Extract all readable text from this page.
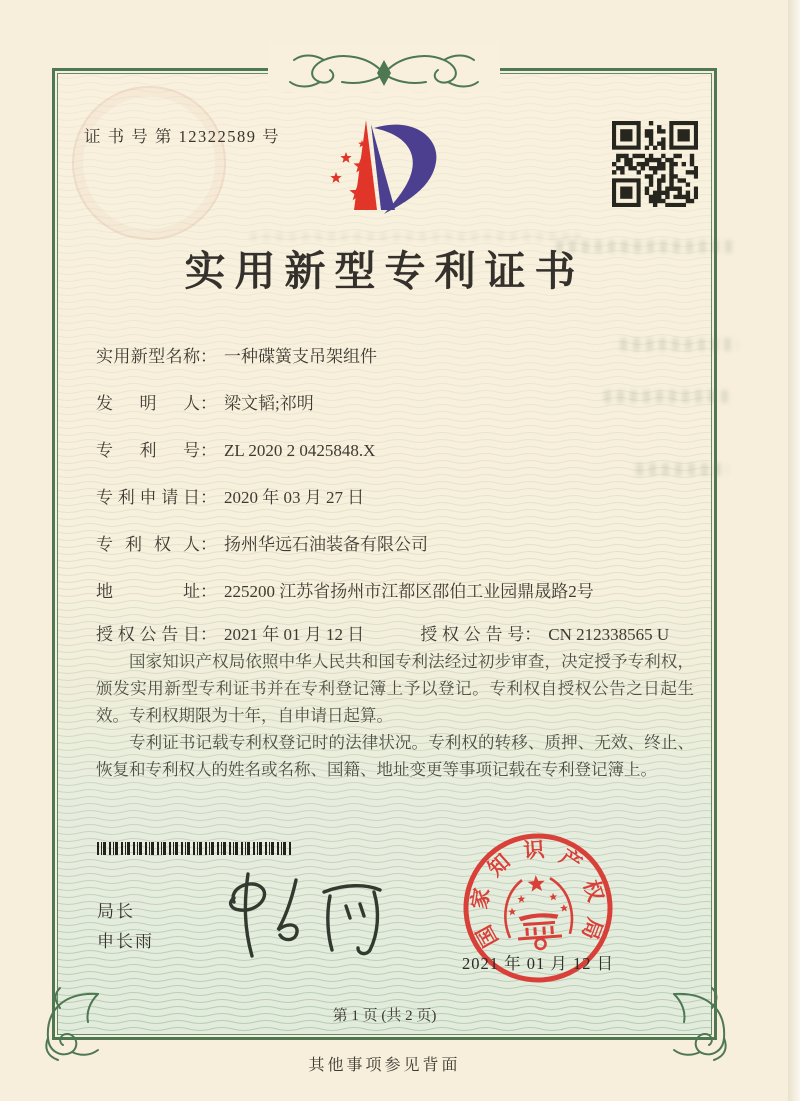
证 书 号 第 12322589 号
实用新型专利证书
实 用 新 型 名 称 ： 一种碟簧支吊架组件
发 明 人 ： 梁文韬;祁明
专 利 号 ： ZL 2020 2 0425848.X
专 利 申 请 日 ： 2020 年 03 月 27 日
专 利 权 人 ： 扬州华远石油装备有限公司
地	址 ： 225200 江苏省扬州市江都区邵伯工业园鼎晟路2号
授 权 公 告 日 ： 2021 年 01 月 12 日	授 权 公 告 号 ： CN 212338565 U

国家知识产权局依照中华人民共和国专利法经过初步审查，决定授予专利权，颁发实用新型专利证书并在专利登记簿上予以登记。专利权自授权公告之日起生效。专利权期限为十年，自申请日起算。

专利证书记载专利权登记时的法律状况。专利权的转移、质押、无效、终止、恢复和专利权人的姓名或名称、国籍、地址变更等事项记载在专利登记簿上。

局长
申长雨	国
家
知 识 产
权
局
2021 年 01 月 12 日
第 1 页 (共 2 页)
其他事项参见背面
